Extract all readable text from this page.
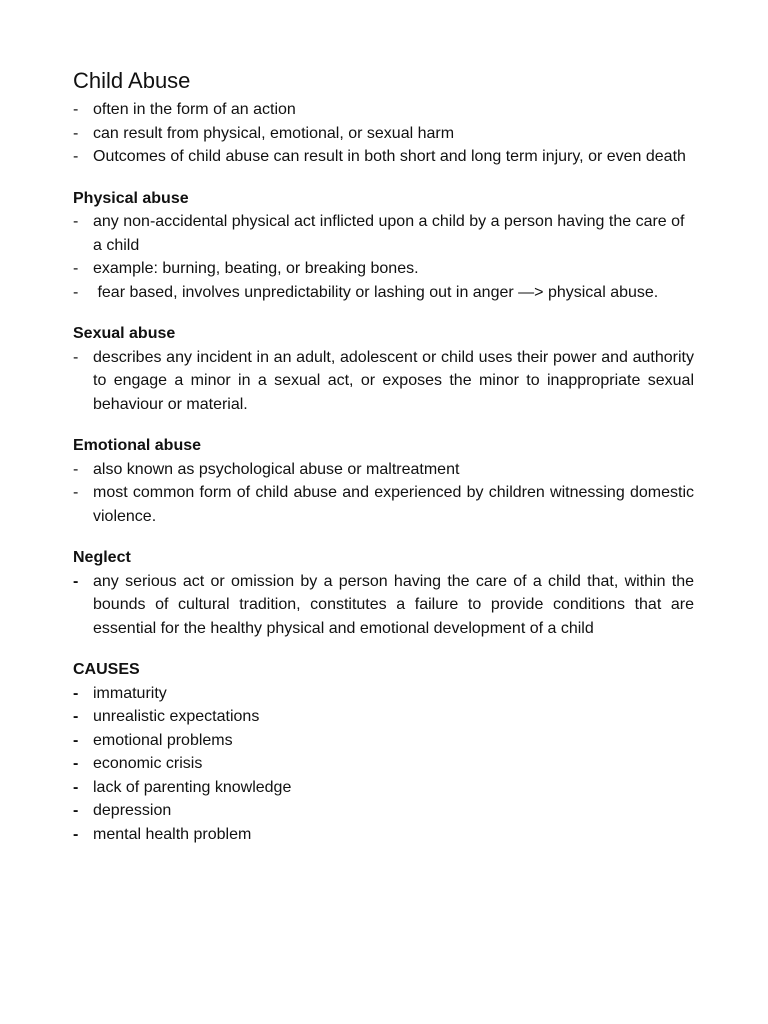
Child Abuse
- often in the form of an action
- can result from physical, emotional, or sexual harm
- Outcomes of child abuse can result in both short and long term injury, or even death
Physical abuse
- any non-accidental physical act inflicted upon a child by a person having the care of a child
- example: burning, beating, or breaking bones.
- fear based, involves unpredictability or lashing out in anger —> physical abuse.
Sexual abuse
- describes any incident in an adult, adolescent or child uses their power and authority to engage a minor in a sexual act, or exposes the minor to inappropriate sexual behaviour or material.
Emotional abuse
- also known as psychological abuse or maltreatment
- most common form of child abuse and experienced by children witnessing domestic violence.
Neglect
- any serious act or omission by a person having the care of a child that, within the bounds of cultural tradition, constitutes a failure to provide conditions that are essential for the healthy physical and emotional development of a child
CAUSES
- immaturity
- unrealistic expectations
- emotional problems
- economic crisis
- lack of parenting knowledge
- depression
- mental health problem
